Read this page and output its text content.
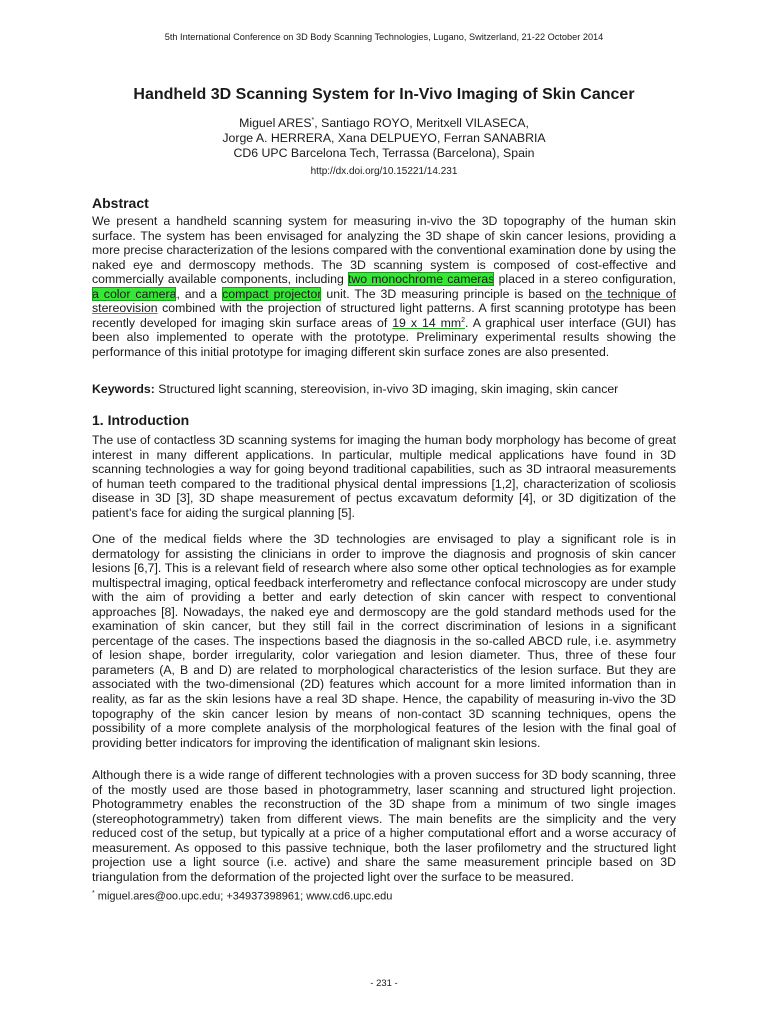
5th International Conference on 3D Body Scanning Technologies, Lugano, Switzerland, 21-22 October 2014
Handheld 3D Scanning System for In-Vivo Imaging of Skin Cancer
Miguel ARES*, Santiago ROYO, Meritxell VILASECA,
Jorge A. HERRERA, Xana DELPUEYO, Ferran SANABRIA
CD6 UPC Barcelona Tech, Terrassa (Barcelona), Spain
http://dx.doi.org/10.15221/14.231
Abstract
We present a handheld scanning system for measuring in-vivo the 3D topography of the human skin surface. The system has been envisaged for analyzing the 3D shape of skin cancer lesions, providing a more precise characterization of the lesions compared with the conventional examination done by using the naked eye and dermoscopy methods. The 3D scanning system is composed of cost-effective and commercially available components, including two monochrome cameras placed in a stereo configuration, a color camera, and a compact projector unit. The 3D measuring principle is based on the technique of stereovision combined with the projection of structured light patterns. A first scanning prototype has been recently developed for imaging skin surface areas of 19 x 14 $mm^2$. A graphical user interface (GUI) has been also implemented to operate with the prototype. Preliminary experimental results showing the performance of this initial prototype for imaging different skin surface zones are also presented.
Keywords: Structured light scanning, stereovision, in-vivo 3D imaging, skin imaging, skin cancer
1. Introduction
The use of contactless 3D scanning systems for imaging the human body morphology has become of great interest in many different applications. In particular, multiple medical applications have found in 3D scanning technologies a way for going beyond traditional capabilities, such as 3D intraoral measurements of human teeth compared to the traditional physical dental impressions [1,2], characterization of scoliosis disease in 3D [3], 3D shape measurement of pectus excavatum deformity [4], or 3D digitization of the patient’s face for aiding the surgical planning [5].
One of the medical fields where the 3D technologies are envisaged to play a significant role is in dermatology for assisting the clinicians in order to improve the diagnosis and prognosis of skin cancer lesions [6,7]. This is a relevant field of research where also some other optical technologies as for example multispectral imaging, optical feedback interferometry and reflectance confocal microscopy are under study with the aim of providing a better and early detection of skin cancer with respect to conventional approaches [8]. Nowadays, the naked eye and dermoscopy are the gold standard methods used for the examination of skin cancer, but they still fail in the correct discrimination of lesions in a significant percentage of the cases. The inspections based the diagnosis in the so-called ABCD rule, i.e. asymmetry of lesion shape, border irregularity, color variegation and lesion diameter. Thus, three of these four parameters (A, B and D) are related to morphological characteristics of the lesion surface. But they are associated with the two-dimensional (2D) features which account for a more limited information than in reality, as far as the skin lesions have a real 3D shape. Hence, the capability of measuring in-vivo the 3D topography of the skin cancer lesion by means of non-contact 3D scanning techniques, opens the possibility of a more complete analysis of the morphological features of the lesion with the final goal of providing better indicators for improving the identification of malignant skin lesions.
Although there is a wide range of different technologies with a proven success for 3D body scanning, three of the mostly used are those based in photogrammetry, laser scanning and structured light projection. Photogrammetry enables the reconstruction of the 3D shape from a minimum of two single images (stereophotogrammetry) taken from different views. The main benefits are the simplicity and the very reduced cost of the setup, but typically at a price of a higher computational effort and a worse accuracy of measurement. As opposed to this passive technique, both the laser profilometry and the structured light projection use a light source (i.e. active) and share the same measurement principle based on 3D triangulation from the deformation of the projected light over the surface to be measured.
* miguel.ares@oo.upc.edu; +34937398961; www.cd6.upc.edu
- 231 -
